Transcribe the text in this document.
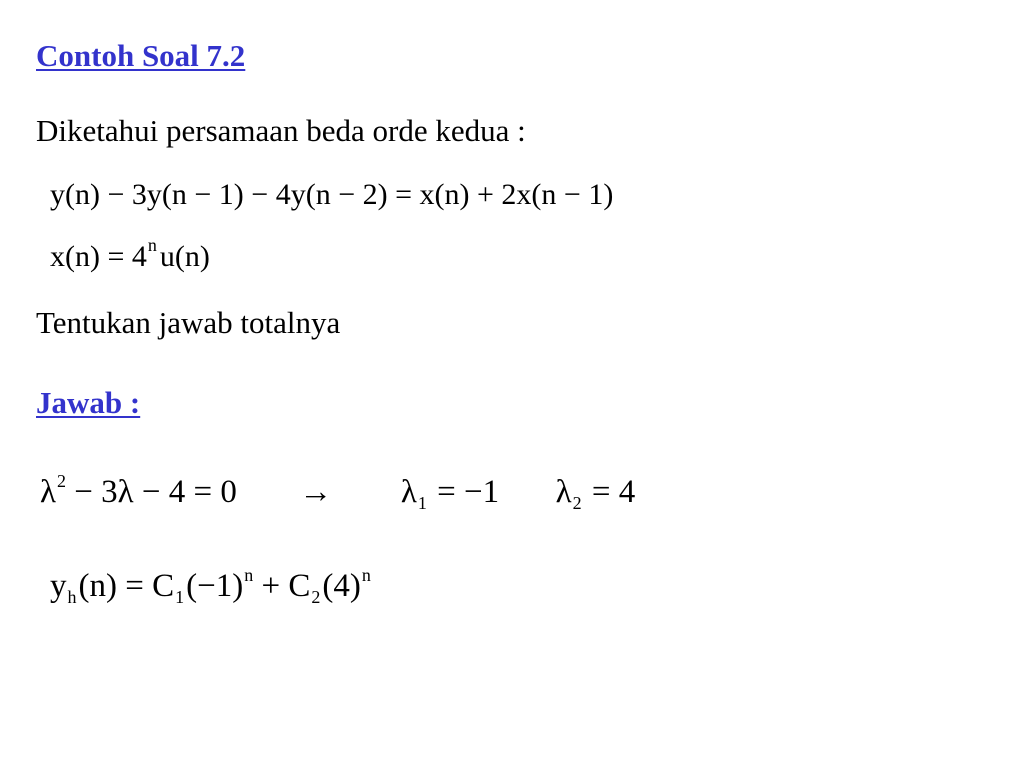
Contoh Soal 7.2
Diketahui persamaan beda orde kedua :
y(n) − 3y(n − 1) − 4y(n − 2) = x(n) + 2x(n − 1)
$x(n) = 4^n$ u(n)
Tentukan jawab totalnya
Jawab :
$\lambda^2 - 3\lambda - 4 = 0 \to \lambda_1 = -1$ $\lambda_2 = 4$
$y_h(n) = C_1(-1)^n + C_2(4)^n$
